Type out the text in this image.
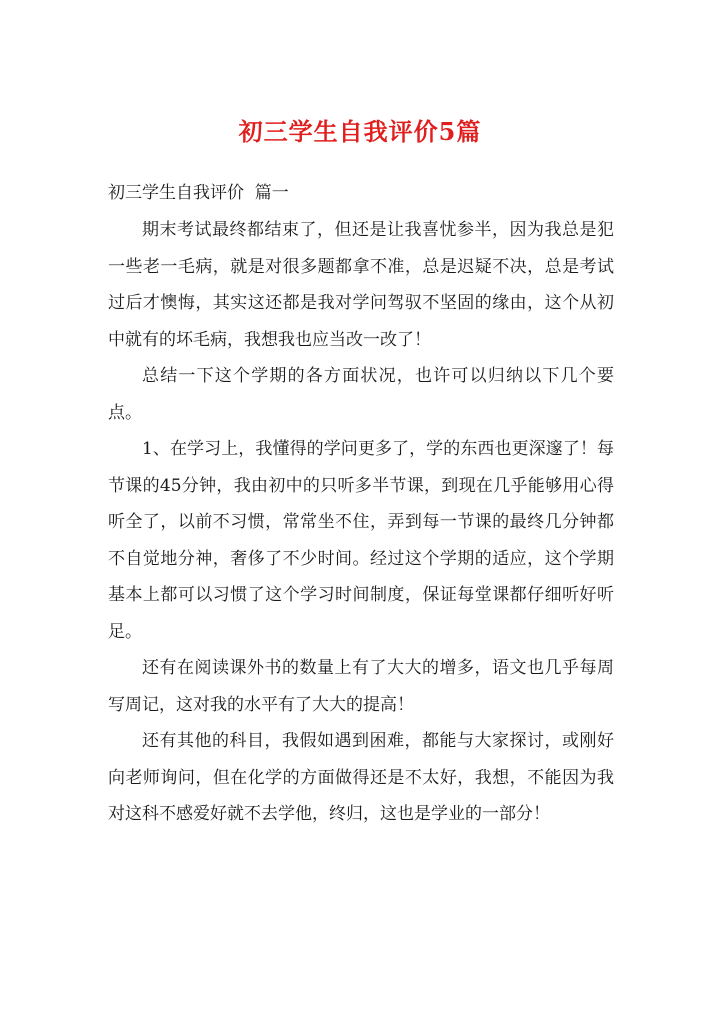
初三学生自我评价5篇
初三学生自我评价  篇一

期末考试最终都结束了，但还是让我喜忧参半，因为我总是犯一些老一毛病，就是对很多题都拿不准，总是迟疑不决，总是考试过后才懊悔，其实这还都是我对学问驾驭不坚固的缘由，这个从初中就有的坏毛病，我想我也应当改一改了！

总结一下这个学期的各方面状况，也许可以归纳以下几个要点。

1、在学习上，我懂得的学问更多了，学的东西也更深邃了！每节课的45分钟，我由初中的只听多半节课，到现在几乎能够用心得听全了，以前不习惯，常常坐不住，弄到每一节课的最终几分钟都不自觉地分神，奢侈了不少时间。经过这个学期的适应，这个学期基本上都可以习惯了这个学习时间制度，保证每堂课都仔细听好听足。

还有在阅读课外书的数量上有了大大的增多，语文也几乎每周写周记，这对我的水平有了大大的提高！

还有其他的科目，我假如遇到困难，都能与大家探讨，或刚好向老师询问，但在化学的方面做得还是不太好，我想，不能因为我对这科不感爱好就不去学他，终归，这也是学业的一部分！
